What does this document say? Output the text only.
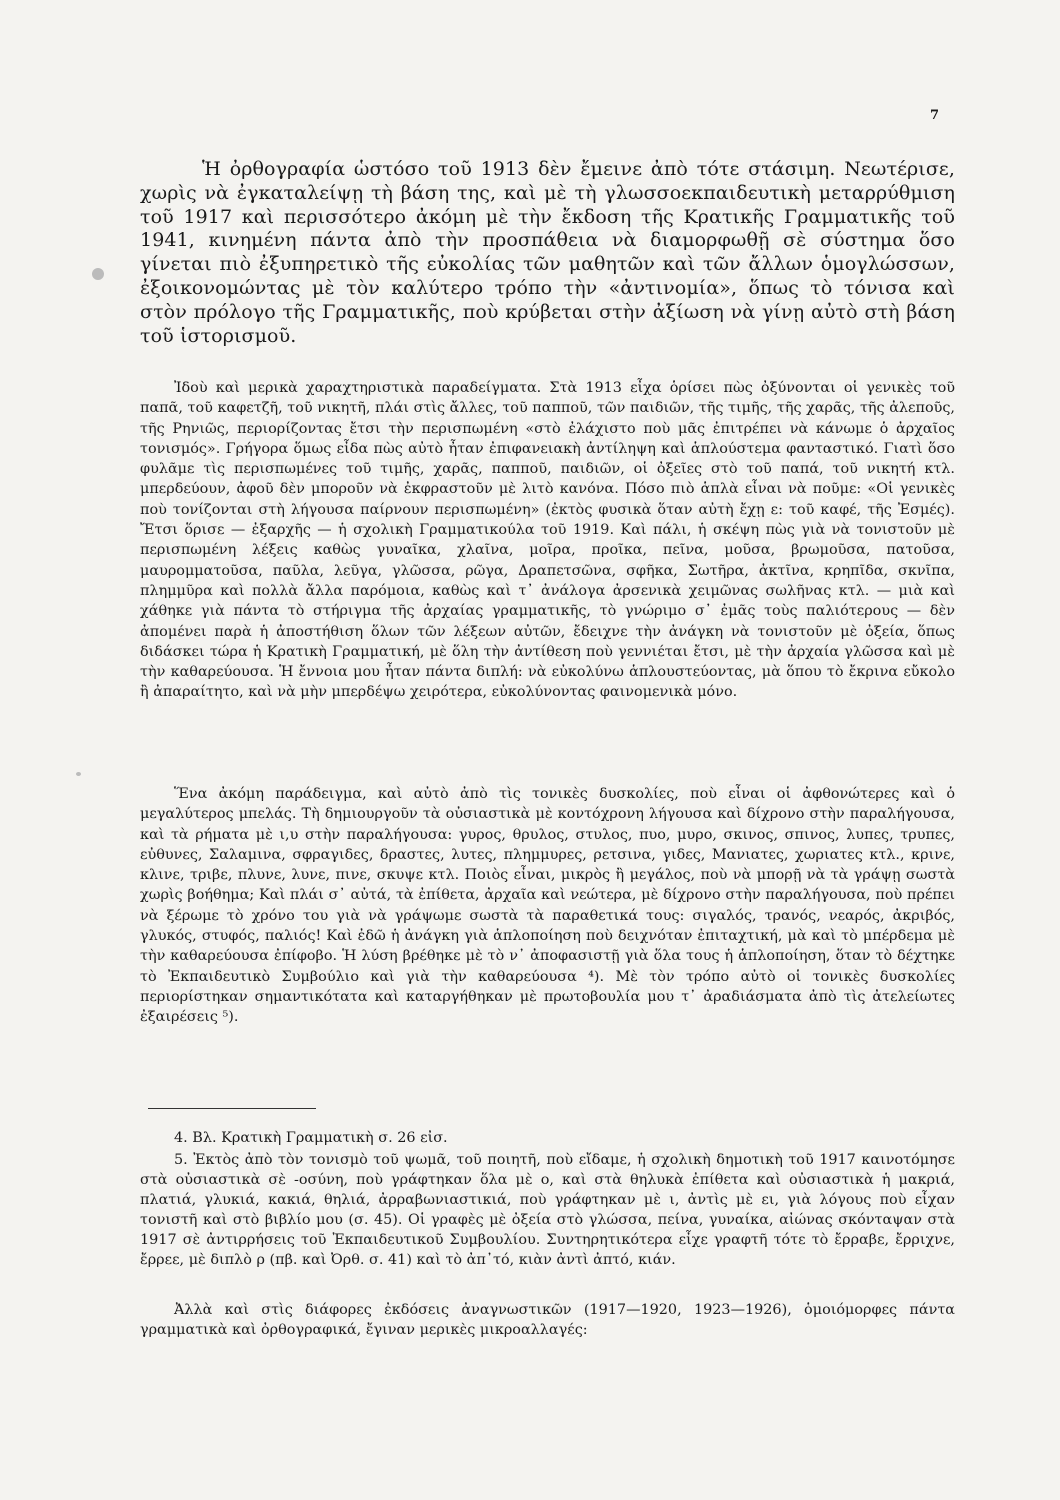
7

Ἡ ὀρθογραφία ὡστόσο τοῦ 1913 δὲν ἔμεινε ἀπὸ τότε στάσιμη. Νεωτέρισε, χωρὶς νὰ ἐγκαταλείψῃ τὴ βάση της, καὶ μὲ τὴ γλωσσοεκπαιδευτικὴ μεταρρύθμιση τοῦ 1917 καὶ περισσότερο ἀκόμη μὲ τὴν ἔκδοση τῆς Κρατικῆς Γραμματικῆς τοῦ 1941, κινημένη πάντα ἀπὸ τὴν προσπάθεια νὰ διαμορφωθῇ σὲ σύστημα ὅσο γίνεται πιὸ ἐξυπηρετικὸ τῆς εὐκολίας τῶν μαθητῶν καὶ τῶν ἄλλων ὁμογλώσσων, ἐξοικονομώντας μὲ τὸν καλύτερο τρόπο τὴν «ἀντινομία», ὅπως τὸ τόνισα καὶ στὸν πρόλογο τῆς Γραμματικῆς, ποὺ κρύβεται στὴν ἀξίωση νὰ γίνῃ αὐτὸ στὴ βάση τοῦ ἱστορισμοῦ.

Ἰδοὺ καὶ μερικὰ χαραχτηριστικὰ παραδείγματα. Στὰ 1913 εἶχα ὁρίσει πὼς ὀξύνονται οἱ γενικὲς τοῦ παπᾶ, τοῦ καφετζῆ, τοῦ νικητῆ, πλάι στὶς ἄλλες, τοῦ παπποῦ, τῶν παιδιῶν, τῆς τιμῆς, τῆς χαρᾶς, τῆς ἀλεποῦς, τῆς Ρηνιῶς, περιορίζοντας ἔτσι τὴν περισπωμένη «στὸ ἐλάχιστο ποὺ μᾶς ἐπιτρέπει νὰ κάνωμε ὁ ἀρχαῖος τονισμός». Γρήγορα ὅμως εἶδα πὼς αὐτὸ ἦταν ἐπιφανειακὴ ἀντίληψη καὶ ἁπλούστεμα φανταστικό. Γιατὶ ὅσο φυλᾶμε τὶς περισπωμένες τοῦ τιμῆς, χαρᾶς, παπποῦ, παιδιῶν, οἱ ὀξεῖες στὸ τοῦ παπά, τοῦ νικητή κτλ. μπερδεύουν, ἀφοῦ δὲν μποροῦν νὰ ἐκφραστοῦν μὲ λιτὸ κανόνα. Πόσο πιὸ ἁπλὰ εἶναι νὰ ποῦμε: «Οἱ γενικὲς ποὺ τονίζονται στὴ λήγουσα παίρνουν περισπωμένη» (ἐκτὸς φυσικὰ ὅταν αὐτὴ ἔχῃ ε: τοῦ καφέ, τῆς Ἐσμές). Ἔτσι ὅρισε — ἐξαρχῆς — ἡ σχολικὴ Γραμματικούλα τοῦ 1919. Καὶ πάλι, ἡ σκέψη πὼς γιὰ νὰ τονιστοῦν μὲ περισπωμένη λέξεις καθὼς γυναῖκα, χλαῖνα, μοῖρα, προῖκα, πεῖνα, μοῦσα, βρωμοῦσα, πατοῦσα, μαυρομματοῦσα, παῦλα, λεῦγα, γλῶσσα, ρῶγα, Δραπετσῶνα, σφῆκα, Σωτῆρα, ἀκτῖνα, κρηπῖδα, σκνῖπα, πλημμῦρα καὶ πολλὰ ἄλλα παρόμοια, καθὼς καὶ τ᾽ ἀνάλογα ἀρσενικὰ χειμῶνας σωλῆνας κτλ. — μιὰ καὶ χάθηκε γιὰ πάντα τὸ στήριγμα τῆς ἀρχαίας γραμματικῆς, τὸ γνώριμο σ᾽ ἐμᾶς τοὺς παλιότερους — δὲν ἀπομένει παρὰ ἡ ἀποστήθιση ὅλων τῶν λέξεων αὐτῶν, ἔδειχνε τὴν ἀνάγκη νὰ τονιστοῦν μὲ ὀξεία, ὅπως διδάσκει τώρα ἡ Κρατικὴ Γραμματική, μὲ ὅλη τὴν ἀντίθεση ποὺ γεννιέται ἔτσι, μὲ τὴν ἀρχαία γλῶσσα καὶ μὲ τὴν καθαρεύουσα. Ἡ ἔννοια μου ἦταν πάντα διπλή: νὰ εὐκολύνω ἁπλουστεύοντας, μὰ ὅπου τὸ ἔκρινα εὔκολο ἢ ἀπαραίτητο, καὶ νὰ μὴν μπερδέψω χειρότερα, εὐκολύνοντας φαινομενικὰ μόνο.

Ἕνα ἀκόμη παράδειγμα, καὶ αὐτὸ ἀπὸ τὶς τονικὲς δυσκολίες, ποὺ εἶναι οἱ ἀφθονώτερες καὶ ὁ μεγαλύτερος μπελάς. Τὴ δημιουργοῦν τὰ οὐσιαστικὰ μὲ κοντόχρονη λήγουσα καὶ δίχρονο στὴν παραλήγουσα, καὶ τὰ ρήματα μὲ ι,υ στὴν παραλήγουσα: γυρος, θρυλος, στυλος, πυο, μυρο, σκινος, σπινος, λυπες, τρυπες, εὐθυνες, Σαλαμινα, σφραγιδες, δραστες, λυτες, πλημμυρες, ρετσινα, γιδες, Μανιατες, χωριατες κτλ., κρινε, κλινε, τριβε, πλυνε, λυνε, πινε, σκυψε κτλ. Ποιὸς εἶναι, μικρὸς ἢ μεγάλος, ποὺ νὰ μπορῇ νὰ τὰ γράψῃ σωστὰ χωρὶς βοήθημα; Καὶ πλάι σ᾽ αὐτά, τὰ ἐπίθετα, ἀρχαῖα καὶ νεώτερα, μὲ δίχρονο στὴν παραλήγουσα, ποὺ πρέπει νὰ ξέρωμε τὸ χρόνο του γιὰ νὰ γράψωμε σωστὰ τὰ παραθετικά τους: σιγαλός, τρανός, νεαρός, ἀκριβός, γλυκός, στυφός, παλιός! Καὶ ἐδῶ ἡ ἀνάγκη γιὰ ἁπλοποίηση ποὺ δειχνόταν ἐπιταχτική, μὰ καὶ τὸ μπέρδεμα μὲ τὴν καθαρεύουσα ἐπίφοβο. Ἡ λύση βρέθηκε μὲ τὸ ν᾽ ἀποφασιστῇ γιὰ ὅλα τους ἡ ἁπλοποίηση, ὅταν τὸ δέχτηκε τὸ Ἐκπαιδευτικὸ Συμβούλιο καὶ γιὰ τὴν καθαρεύουσα ⁴). Μὲ τὸν τρόπο αὐτὸ οἱ τονικὲς δυσκολίες περιορίστηκαν σημαντικότατα καὶ καταργήθηκαν μὲ πρωτοβουλία μου τ᾽ ἀραδιάσματα ἀπὸ τὶς ἀτελείωτες ἐξαιρέσεις ⁵).

4. Βλ. Κρατικὴ Γραμματικὴ σ. 26 εἰσ.

5. Ἐκτὸς ἀπὸ τὸν τονισμὸ τοῦ ψωμᾶ, τοῦ ποιητῆ, ποὺ εἴδαμε, ἡ σχολικὴ δημοτικὴ τοῦ 1917 καινοτόμησε στὰ οὐσιαστικὰ σὲ -οσύνη, ποὺ γράφτηκαν ὅλα μὲ ο, καὶ στὰ θηλυκὰ ἐπίθετα καὶ οὐσιαστικὰ ἡ μακριά, πλατιά, γλυκιά, κακιά, θηλιά, ἀρραβωνιαστικιά, ποὺ γράφτηκαν μὲ ι, ἀντὶς μὲ ει, γιὰ λόγους ποὺ εἶχαν τονιστῆ καὶ στὸ βιβλίο μου (σ. 45). Οἱ γραφὲς μὲ ὀξεία στὸ γλώσσα, πείνα, γυναίκα, αἰώνας σκόνταψαν στὰ 1917 σὲ ἀντιρρήσεις τοῦ Ἐκπαιδευτικοῦ Συμβουλίου. Συντηρητικότερα εἶχε γραφτῆ τότε τὸ ἔρραβε, ἔρριχνε, ἔρρεε, μὲ διπλὸ ρ (πβ. καὶ Ὀρθ. σ. 41) καὶ τὸ ἀπ᾽τό, κιὰν ἀντὶ ἀπτό, κιάν.

Ἀλλὰ καὶ στὶς διάφορες ἐκδόσεις ἀναγνωστικῶν (1917—1920, 1923—1926), ὁμοιόμορφες πάντα γραμματικὰ καὶ ὀρθογραφικά, ἔγιναν μερικὲς μικροαλλαγές:
